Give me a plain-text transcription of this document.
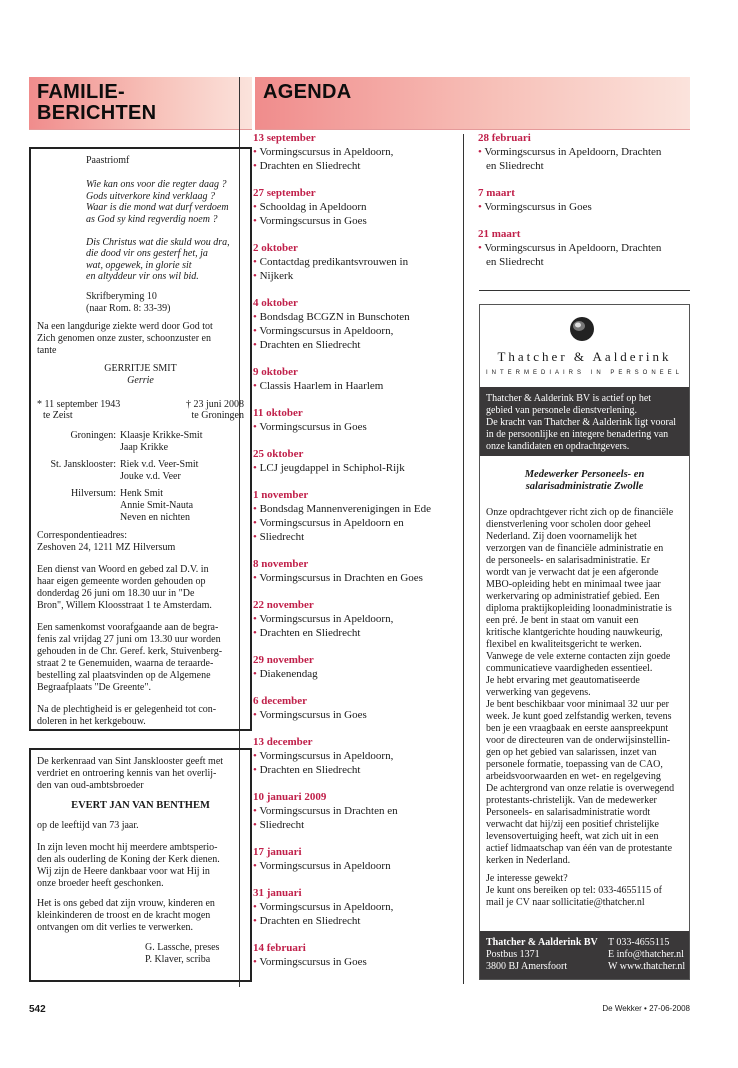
FAMILIE-
BERICHTEN
AGENDA
Paastriomf
Wie kan ons voor die regter daag ?
Gods uitverkore kind verklaag ?
Waar is die mond wat durf verdoem
as God sy kind regverdig noem ?
Dis Christus wat die skuld wou dra,
die dood vir ons gesterf het, ja
wat, opgewek, in glorie sit
en altyddeur vir ons wil bid.
Skrifberyming 10
(naar Rom. 8: 33-39)
Na een langdurige ziekte werd door God tot
Zich genomen onze zuster, schoonzuster en
tante
GERRITJE SMIT
Gerrie
* 11 september 1943	† 23 juni 2008
te Zeist	te Groningen
Groningen: Klaasje Krikke-Smit
Jaap Krikke
St. Jansklooster: Riek v.d. Veer-Smit
Jouke v.d. Veer
Hilversum: Henk Smit
Annie Smit-Nauta
Neven en nichten
Correspondentieadres:
Zeshoven 24, 1211 MZ Hilversum
Een dienst van Woord en gebed zal D.V. in
haar eigen gemeente worden gehouden op
donderdag 26 juni om 18.30 uur in "De
Bron", Willem Kloosstraat 1 te Amsterdam.
Een samenkomst voorafgaande aan de begra-
fenis zal vrijdag 27 juni om 13.30 uur worden
gehouden in de Chr. Geref. kerk, Stuivenberg-
straat 2 te Genemuiden, waarna de teraarde-
bestelling zal plaatsvinden op de Algemene
Begraafplaats "De Greente".
Na de plechtigheid is er gelegenheid tot con-
doleren in het kerkgebouw.
De kerkenraad van Sint Jansklooster geeft met
verdriet en ontroering kennis van het overlij-
den van oud-ambtsbroeder
EVERT JAN VAN BENTHEM
op de leeftijd van 73 jaar.
In zijn leven mocht hij meerdere ambtsperio-
den als ouderling de Koning der Kerk dienen.
Wij zijn de Heere dankbaar voor wat Hij in
onze broeder heeft geschonken.
Het is ons gebed dat zijn vrouw, kinderen en
kleinkinderen de troost en de kracht mogen
ontvangen om dit verlies te verwerken.
G. Lassche, preses
P. Klaver, scriba
13 september
• Vormingscursus in Apeldoorn,
• Drachten en Sliedrecht
27 september
• Schooldag in Apeldoorn
• Vormingscursus in Goes
2 oktober
• Contactdag predikantsvrouwen in
• Nijkerk
4 oktober
• Bondsdag BCGZN in Bunschoten
• Vormingscursus in Apeldoorn,
• Drachten en Sliedrecht
9 oktober
• Classis Haarlem in Haarlem
11 oktober
• Vormingscursus in Goes
25 oktober
• LCJ jeugdappel in Schiphol-Rijk
1 november
• Bondsdag Mannenverenigingen in Ede
• Vormingscursus in Apeldoorn en
• Sliedrecht
8 november
• Vormingscursus in Drachten en Goes
22 november
• Vormingscursus in Apeldoorn,
• Drachten en Sliedrecht
29 november
• Diakenendag
6 december
• Vormingscursus in Goes
13 december
• Vormingscursus in Apeldoorn,
• Drachten en Sliedrecht
10 januari 2009
• Vormingscursus in Drachten en
• Sliedrecht
17 januari
• Vormingscursus in Apeldoorn
31 januari
• Vormingscursus in Apeldoorn,
• Drachten en Sliedrecht
14 februari
• Vormingscursus in Goes
28 februari
• Vormingscursus in Apeldoorn, Drachten
en Sliedrecht
7 maart
• Vormingscursus in Goes
21 maart
• Vormingscursus in Apeldoorn, Drachten
en Sliedrecht
Thatcher & Aalderink
INTERMEDIAIRS IN PERSONEEL
Thatcher & Aalderink BV is actief op het
gebied van personele dienstverlening.
De kracht van Thatcher & Aalderink ligt vooral
in de persoonlijke en integere benadering van
onze kandidaten en opdrachtgevers.
Medewerker Personeels- en
salarisadministratie Zwolle
Onze opdrachtgever richt zich op de financiële
dienstverlening voor scholen door geheel
Nederland. Zij doen voornamelijk het
verzorgen van de financiële administratie en
de personeels- en salarisadministratie. Er
wordt van je verwacht dat je een afgeronde
MBO-opleiding hebt en minimaal twee jaar
werkervaring op administratief gebied. Een
diploma praktijkopleiding loonadministratie is
een pré. Je bent in staat om vanuit een
kritische klantgerichte houding nauwkeurig,
flexibel en kwaliteitsgericht te werken.
Vanwege de vele externe contacten zijn goede
communicatieve vaardigheden essentieel.
Je hebt ervaring met geautomatiseerde
verwerking van gegevens.
Je bent beschikbaar voor minimaal 32 uur per
week. Je kunt goed zelfstandig werken, tevens
ben je een vraagbaak en eerste aanspreekpunt
voor de directeuren van de onderwijsinstellin-
gen op het gebied van salarissen, inzet van
personele formatie, toepassing van de CAO,
arbeidsvoorwaarden en wet- en regelgeving
De achtergrond van onze relatie is overwegend
protestants-christelijk. Van de medewerker
Personeels- en salarisadministratie wordt
verwacht dat hij/zij een positief christelijke
levensovertuiging heeft, wat zich uit in een
actief lidmaatschap van één van de protestante
kerken in Nederland.
Je interesse gewekt?
Je kunt ons bereiken op tel: 033-4655115 of
mail je CV naar sollicitatie@thatcher.nl
Thatcher & Aalderink BV T 033-4655115
Postbus 1371	E info@thatcher.nl
3800 BJ Amersfoort	W www.thatcher.nl
542	De Wekker • 27-06-2008
